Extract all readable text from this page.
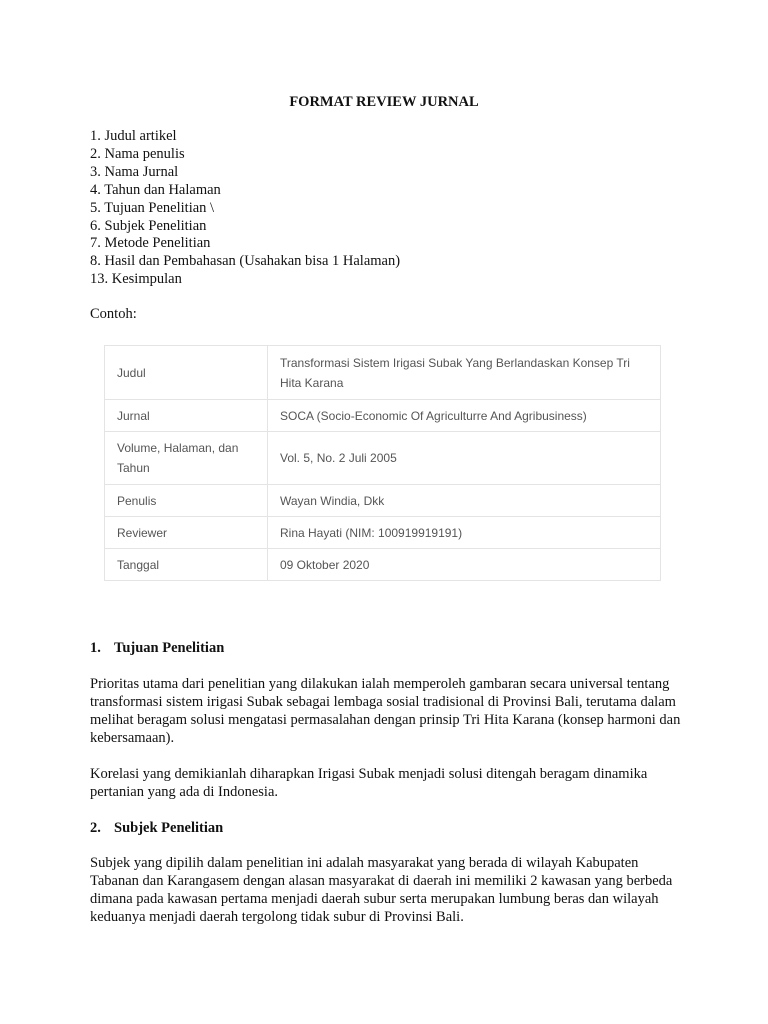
FORMAT REVIEW JURNAL
1. Judul artikel
2. Nama penulis
3. Nama Jurnal
4. Tahun dan Halaman
5. Tujuan Penelitian \
6. Subjek Penelitian
7. Metode Penelitian
8. Hasil dan Pembahasan (Usahakan bisa 1 Halaman)
13. Kesimpulan
Contoh:
Judul	Transformasi Sistem Irigasi Subak Yang Berlandaskan Konsep Tri Hita Karana
Jurnal	SOCA (Socio-Economic Of Agriculturre And Agribusiness)
Volume, Halaman, dan Tahun	Vol. 5, No. 2 Juli 2005
Penulis	Wayan Windia, Dkk
Reviewer	Rina Hayati (NIM: 100919919191)
Tanggal	09 Oktober 2020
1. Tujuan Penelitian

Prioritas utama dari penelitian yang dilakukan ialah memperoleh gambaran secara universal tentang transformasi sistem irigasi Subak sebagai lembaga sosial tradisional di Provinsi Bali, terutama dalam melihat beragam solusi mengatasi permasalahan dengan prinsip Tri Hita Karana (konsep harmoni dan kebersamaan).

Korelasi yang demikianlah diharapkan Irigasi Subak menjadi solusi ditengah beragam dinamika pertanian yang ada di Indonesia.

2. Subjek Penelitian

Subjek yang dipilih dalam penelitian ini adalah masyarakat yang berada di wilayah Kabupaten Tabanan dan Karangasem dengan alasan masyarakat di daerah ini memiliki 2 kawasan yang berbeda dimana pada kawasan pertama menjadi daerah subur serta merupakan lumbung beras dan wilayah keduanya menjadi daerah tergolong tidak subur di Provinsi Bali.
